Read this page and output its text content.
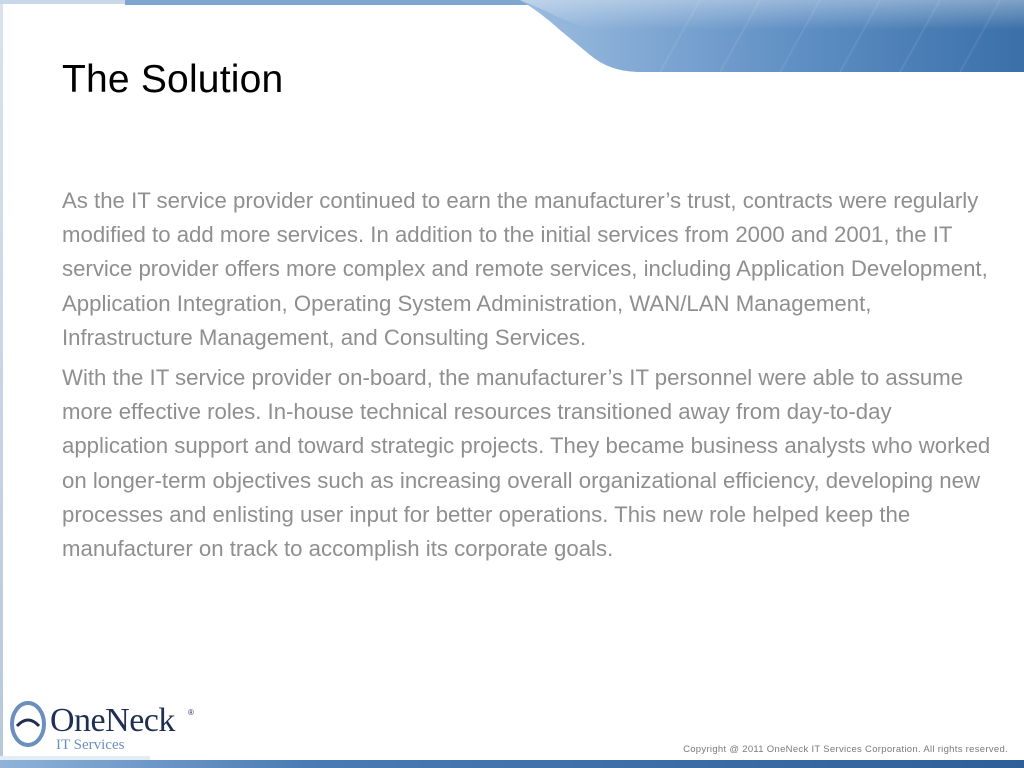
The Solution

As the IT service provider continued to earn the manufacturer’s trust, contracts were regularly modified to add more services. In addition to the initial services from 2000 and 2001, the IT service provider offers more complex and remote services, including Application Development, Application Integration, Operating System Administration, WAN/LAN Management, Infrastructure Management, and Consulting Services.

With the IT service provider on-board, the manufacturer’s IT personnel were able to assume more effective roles. In-house technical resources transitioned away from day-to-day application support and toward strategic projects. They became business analysts who worked on longer-term objectives such as increasing overall organizational efficiency, developing new processes and enlisting user input for better operations. This new role helped keep the manufacturer on track to accomplish its corporate goals.

OneNeck ®
IT Services	Copyright @ 2011 OneNeck IT Services Corporation. All rights reserved.
